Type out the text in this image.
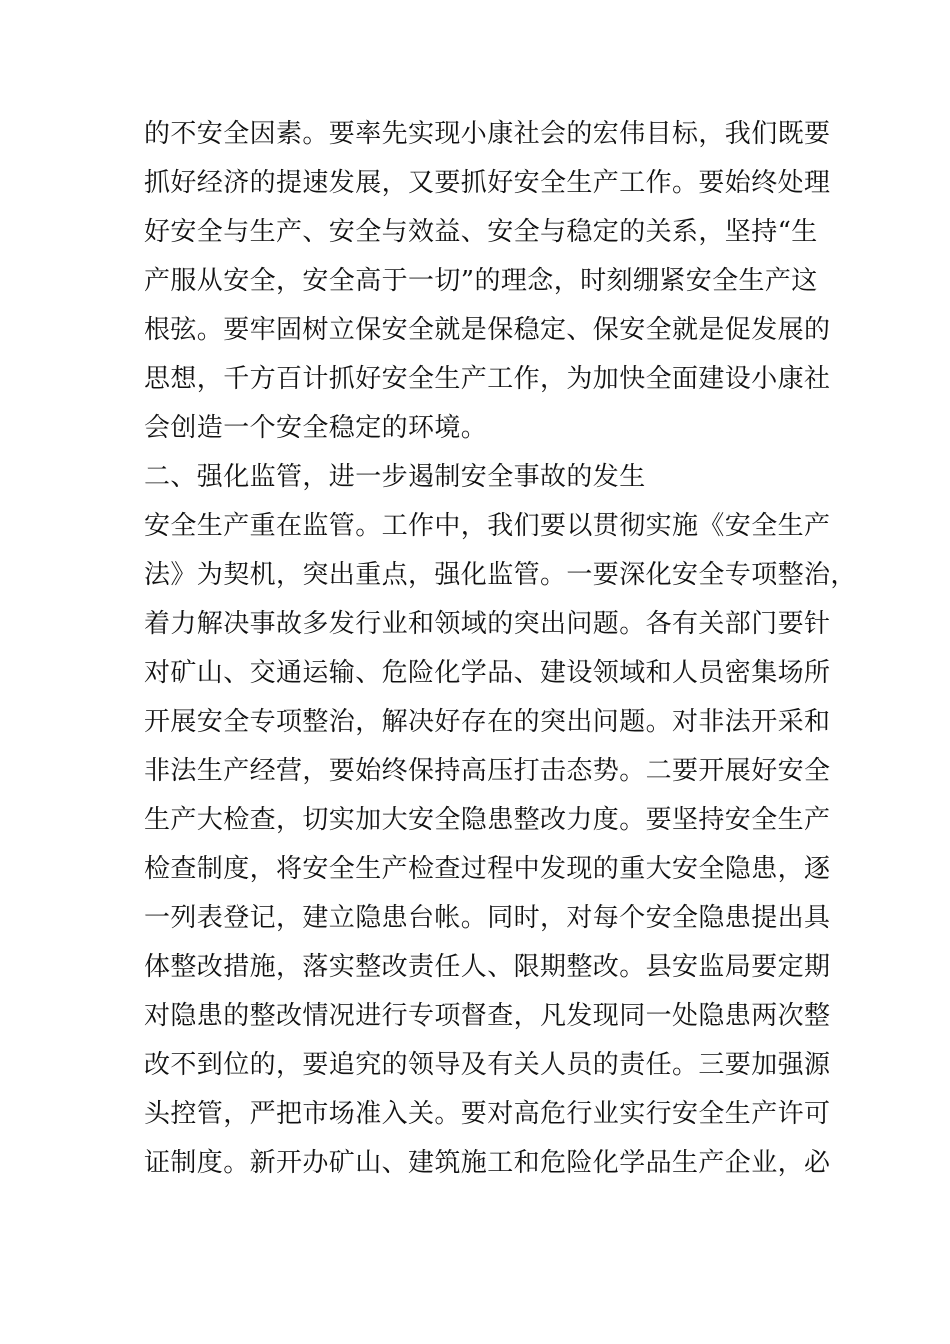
的不安全因素。要率先实现小康社会的宏伟目标，我们既要
抓好经济的提速发展，又要抓好安全生产工作。要始终处理
好安全与生产、安全与效益、安全与稳定的关系，坚持“生
产服从安全，安全高于一切”的理念，时刻绷紧安全生产这
根弦。要牢固树立保安全就是保稳定、保安全就是促发展的
思想，千方百计抓好安全生产工作，为加快全面建设小康社
会创造一个安全稳定的环境。
二、强化监管，进一步遏制安全事故的发生
安全生产重在监管。工作中，我们要以贯彻实施《安全生产
法》为契机，突出重点，强化监管。一要深化安全专项整治，
着力解决事故多发行业和领域的突出问题。各有关部门要针
对矿山、交通运输、危险化学品、建设领域和人员密集场所
开展安全专项整治，解决好存在的突出问题。对非法开采和
非法生产经营，要始终保持高压打击态势。二要开展好安全
生产大检查，切实加大安全隐患整改力度。要坚持安全生产
检查制度，将安全生产检查过程中发现的重大安全隐患，逐
一列表登记，建立隐患台帐。同时，对每个安全隐患提出具
体整改措施，落实整改责任人、限期整改。县安监局要定期
对隐患的整改情况进行专项督查，凡发现同一处隐患两次整
改不到位的，要追究的领导及有关人员的责任。三要加强源
头控管，严把市场准入关。要对高危行业实行安全生产许可
证制度。新开办矿山、建筑施工和危险化学品生产企业，必
